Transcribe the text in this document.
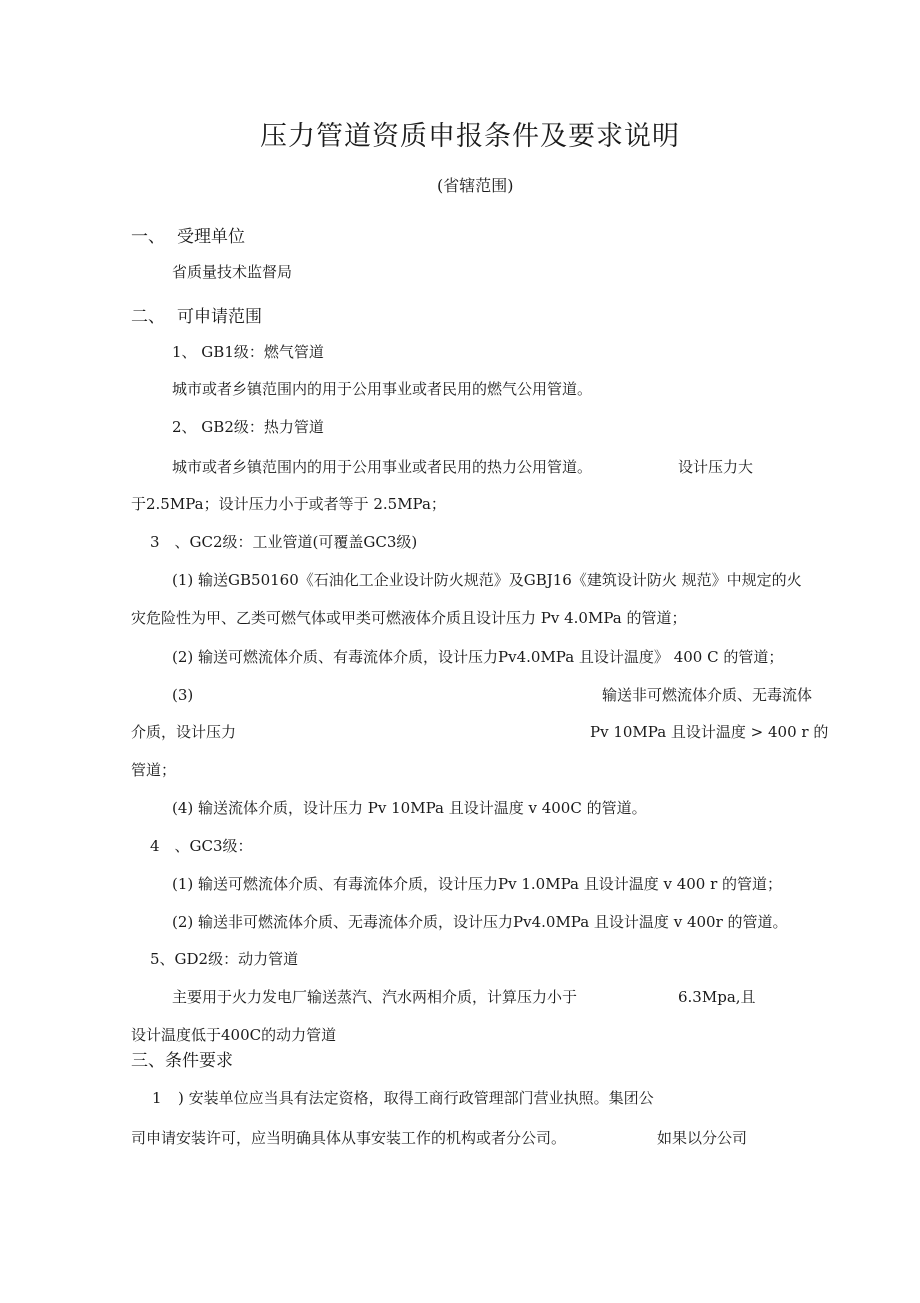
压力管道资质申报条件及要求说明
(省辖范围)
一、 受理单位
省质量技术监督局
二、 可申请范围
1、 GB1级：燃气管道
城市或者乡镇范围内的用于公用事业或者民用的燃气公用管道。
2、 GB2级：热力管道
城市或者乡镇范围内的用于公用事业或者民用的热力公用管道。	设计压力大
于2.5MPa；设计压力小于或者等于 2.5MPa；
3　、GC2级：工业管道(可覆盖GC3级)
(1) 输送GB50160《石油化工企业设计防火规范》及GBJ16《建筑设计防火 规范》中规定的火
灾危险性为甲、乙类可燃气体或甲类可燃液体介质且设计压力 Pv 4.0MPa 的管道；
(2) 输送可燃流体介质、有毒流体介质，设计压力Pv4.0MPa 且设计温度》 400 C 的管道；
(3)	输送非可燃流体介质、无毒流体
介质，设计压力	Pv 10MPa 且设计温度 > 400 r 的
管道；
(4) 输送流体介质，设计压力 Pv 10MPa 且设计温度 v 400C 的管道。
4　、GC3级：
(1) 输送可燃流体介质、有毒流体介质，设计压力Pv 1.0MPa 且设计温度 v 400 r 的管道；
(2) 输送非可燃流体介质、无毒流体介质，设计压力Pv4.0MPa 且设计温度 v 400r 的管道。
5、GD2级：动力管道
主要用于火力发电厂输送蒸汽、汽水两相介质，计算压力小于	6.3Mpa,且
设计温度低于400C的动力管道
三、条件要求
1 ) 安装单位应当具有法定资格，取得工商行政管理部门营业执照。集团公
司申请安装许可，应当明确具体从事安装工作的机构或者分公司。	如果以分公司
